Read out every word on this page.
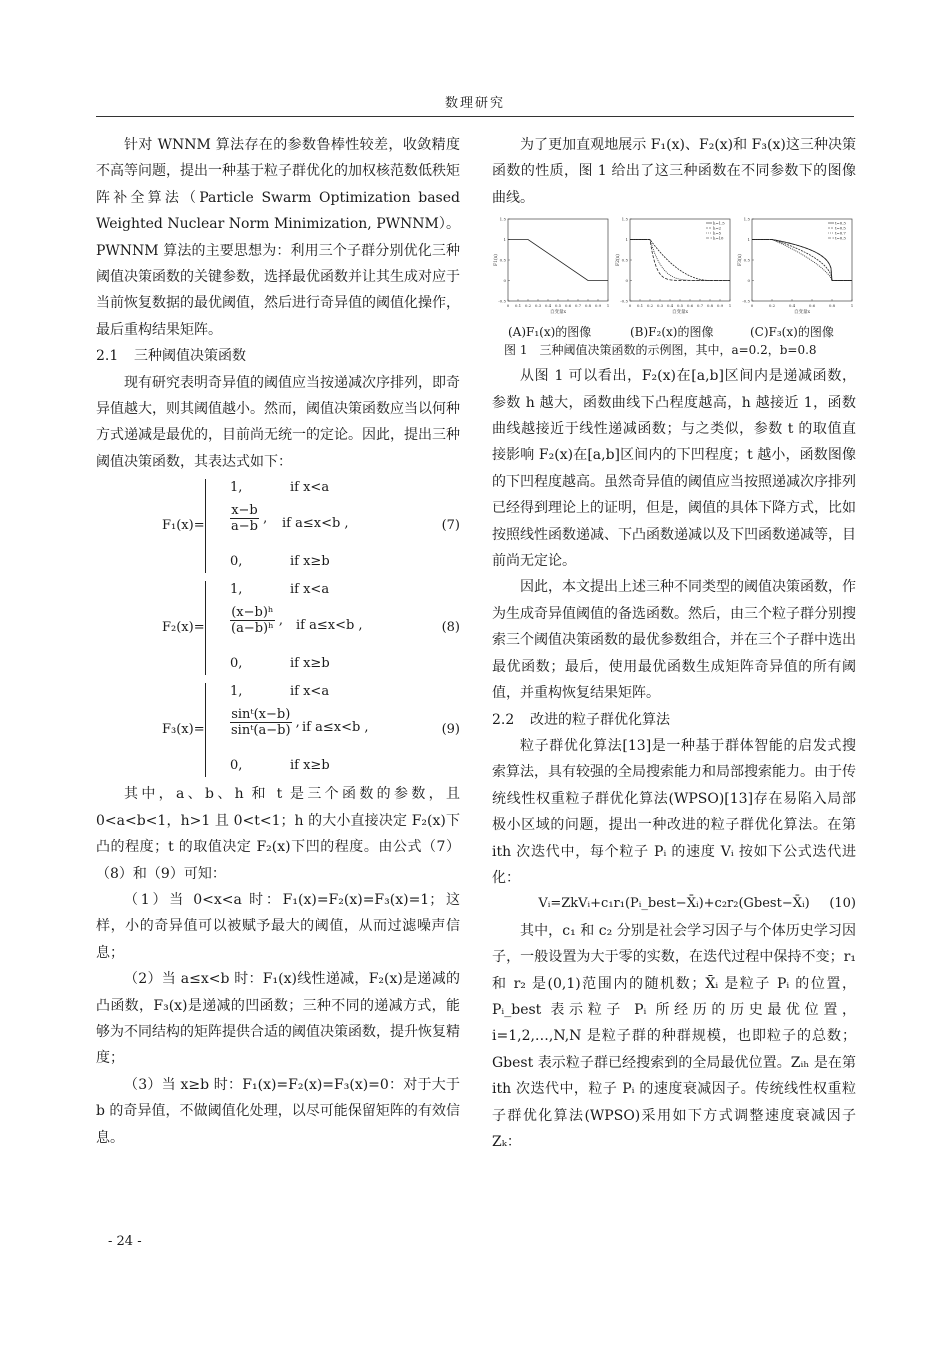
数理研究

针对 WNNM 算法存在的参数鲁棒性较差，收敛精度不高等问题，提出一种基于粒子群优化的加权核范数低秩矩阵补全算法（Particle Swarm Optimization based Weighted Nuclear Norm Minimization, PWNNM）。PWNNM 算法的主要思想为：利用三个子群分别优化三种阈值决策函数的关键参数，选择最优函数并让其生成对应于当前恢复数据的最优阈值，然后进行奇异值的阈值化操作，最后重构结果矩阵。

2.1 三种阈值决策函数

现有研究表明奇异值的阈值应当按递减次序排列，即奇异值越大，则其阈值越小。然而，阈值决策函数应当以何种方式递减是最优的，目前尚无统一的定论。因此，提出三种阈值决策函数，其表达式如下：

F₁(x)=
1,	if x<a
$\frac{x-b}{a-b}$ , if a≤x<b ,
0,	if x≥b
(7)
F₂(x)=
1,	if x<a
$\frac{\text{(x−b)ʰ}}{\text{(a−b)ʰ}}$ , if a≤x<b ,
0,	if x≥b
(8)
F₃(x)=
1,	if x<a
$\frac{\text{sinᵗ(x−b)}}{\text{sinᵗ(a−b)}}$ , if a≤x<b ,
0,	if x≥b
(9)

其中，a、b、h 和 t 是三个函数的参数，且 0<a<b<1，h>1 且 0<t<1；h 的大小直接决定 F₂(x)下凸的程度；t 的取值决定 F₂(x)下凹的程度。由公式（7）（8）和（9）可知：

（1）当 0<x<a 时：F₁(x)=F₂(x)=F₃(x)=1；这样，小的奇异值可以被赋予最大的阈值，从而过滤噪声信息；

（2）当 a≤x<b 时：F₁(x)线性递减，F₂(x)是递减的凸函数，F₃(x)是递减的凹函数；三种不同的递减方式，能够为不同结构的矩阵提供合适的阈值决策函数，提升恢复精度；

（3）当 x≥b 时：F₁(x)=F₂(x)=F₃(x)=0：对于大于 b 的奇异值，不做阈值化处理，以尽可能保留矩阵的有效信息。

为了更加直观地展示 F₁(x)、F₂(x)和 F₃(x)这三种决策函数的性质，图 1 给出了这三种函数在不同参数下的图像曲线。

1.5
1
0.5
0
-0.5
0 0.1 0.2 0.3 0.4 0.5 0.6 0.7 0.8 0.9 1
自变量x
F1(x)
1.5
1
0.5
0
-0.5
0 0.1 0.2 0.3 0.4 0.5 0.6 0.7 0.8 0.9 1
自变量x
F2(x)
h=1.5
h=2
h=5
h=10
1.5
1
0.5
0
-0.5
0	0.2	0.4	0.6	0.8	1
自变量x
F3(x)
t=0.3
t=0.5
t=0.7
t=0.3
(A)F₁(x)的图像	(B)F₂(x)的图像	(C)F₃(x)的图像

图 1　三种阈值决策函数的示例图，其中，a=0.2，b=0.8

从图 1 可以看出，F₂(x)在[a,b]区间内是递减函数，参数 h 越大，函数曲线下凸程度越高，h 越接近 1，函数曲线越接近于线性递减函数；与之类似，参数 t 的取值直接影响 F₂(x)在[a,b]区间内的下凹程度；t 越小，函数图像的下凹程度越高。虽然奇异值的阈值应当按照递减次序排列已经得到理论上的证明，但是，阈值的具体下降方式，比如按照线性函数递减、下凸函数递减以及下凹函数递减等，目前尚无定论。

因此，本文提出上述三种不同类型的阈值决策函数，作为生成奇异值阈值的备选函数。然后，由三个粒子群分别搜索三个阈值决策函数的最优参数组合，并在三个子群中选出最优函数；最后，使用最优函数生成矩阵奇异值的所有阈值，并重构恢复结果矩阵。

2.2 改进的粒子群优化算法

粒子群优化算法[13]是一种基于群体智能的启发式搜索算法，具有较强的全局搜索能力和局部搜索能力。由于传统线性权重粒子群优化算法(WPSO)[13]存在易陷入局部极小区域的问题，提出一种改进的粒子群优化算法。在第 ith 次迭代中，每个粒子 Pᵢ 的速度 Vᵢ 按如下公式迭代进化：

Vᵢ=ZkVᵢ+c₁r₁(Pᵢ_best−X̄ᵢ)+c₂r₂(Gbest−X̄ᵢ) (10)

其中，c₁ 和 c₂ 分别是社会学习因子与个体历史学习因子，一般设置为大于零的实数，在迭代过程中保持不变；r₁ 和 r₂ 是(0,1)范围内的随机数；X̄ᵢ 是粒子 Pᵢ 的位置，Pᵢ_best 表示粒子 Pᵢ 所经历的历史最优位置，i=1,2,…,N,N 是粒子群的种群规模，也即粒子的总数；Gbest 表示粒子群已经搜索到的全局最优位置。Zᵢₕ 是在第 ith 次迭代中，粒子 Pᵢ 的速度衰减因子。传统线性权重粒子群优化算法(WPSO)采用如下方式调整速度衰减因子 Zₖ：

- 24 -
